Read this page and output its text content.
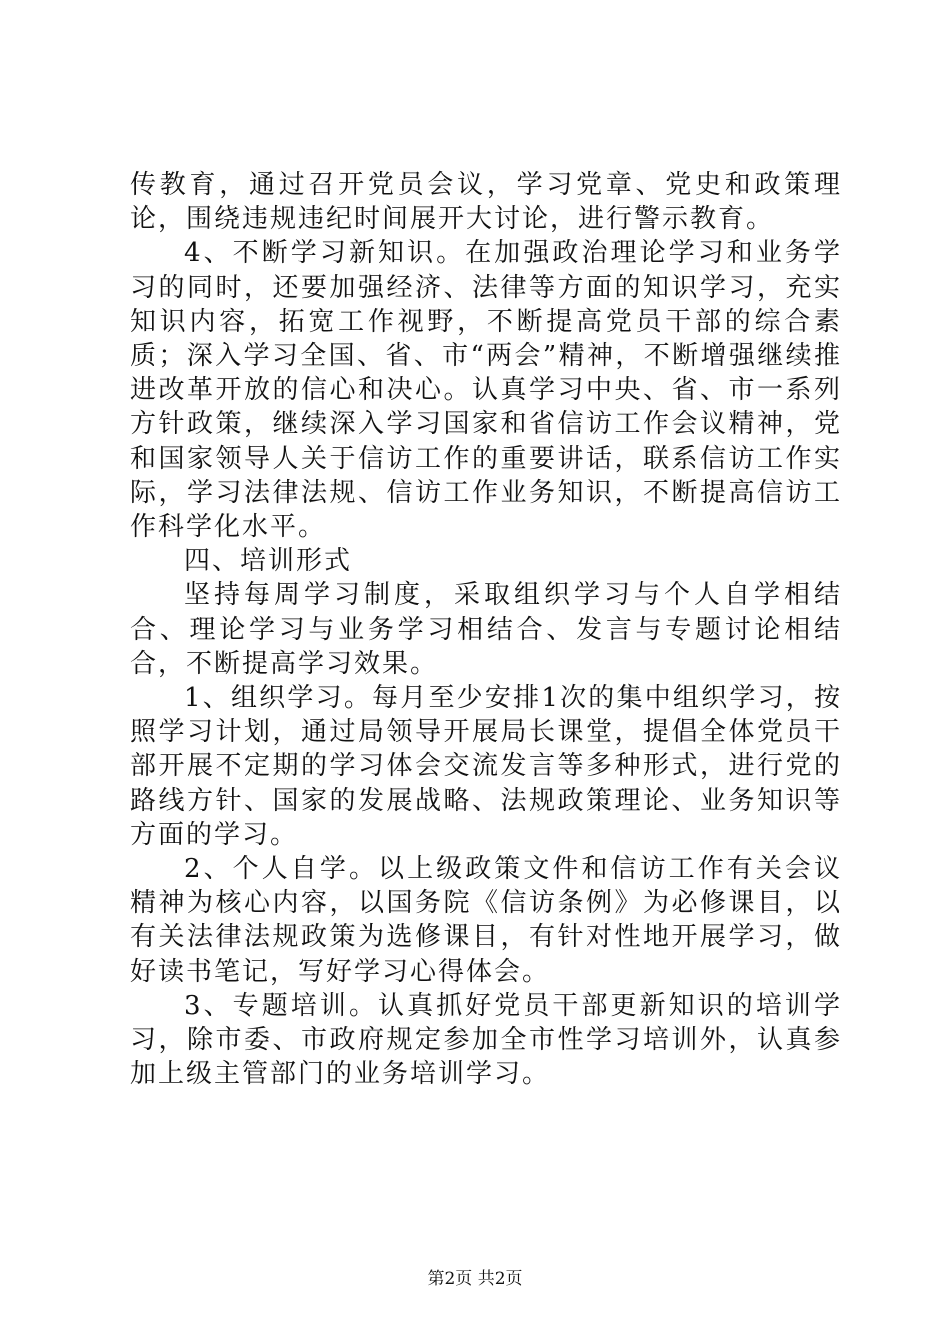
传教育，通过召开党员会议，学习党章、党史和政策理论，围绕违规违纪时间展开大讨论，进行警示教育。

4、不断学习新知识。在加强政治理论学习和业务学习的同时，还要加强经济、法律等方面的知识学习，充实知识内容，拓宽工作视野，不断提高党员干部的综合素质；深入学习全国、省、市“两会”精神，不断增强继续推进改革开放的信心和决心。认真学习中央、省、市一系列方针政策，继续深入学习国家和省信访工作会议精神，党和国家领导人关于信访工作的重要讲话，联系信访工作实际，学习法律法规、信访工作业务知识，不断提高信访工作科学化水平。

四、培训形式

坚持每周学习制度，采取组织学习与个人自学相结合、理论学习与业务学习相结合、发言与专题讨论相结合，不断提高学习效果。

1、组织学习。每月至少安排1次的集中组织学习，按照学习计划，通过局领导开展局长课堂，提倡全体党员干部开展不定期的学习体会交流发言等多种形式，进行党的路线方针、国家的发展战略、法规政策理论、业务知识等方面的学习。

2、个人自学。以上级政策文件和信访工作有关会议精神为核心内容，以国务院《信访条例》为必修课目，以有关法律法规政策为选修课目，有针对性地开展学习，做好读书笔记，写好学习心得体会。

3、专题培训。认真抓好党员干部更新知识的培训学习，除市委、市政府规定参加全市性学习培训外，认真参加上级主管部门的业务培训学习。

第2页 共2页
